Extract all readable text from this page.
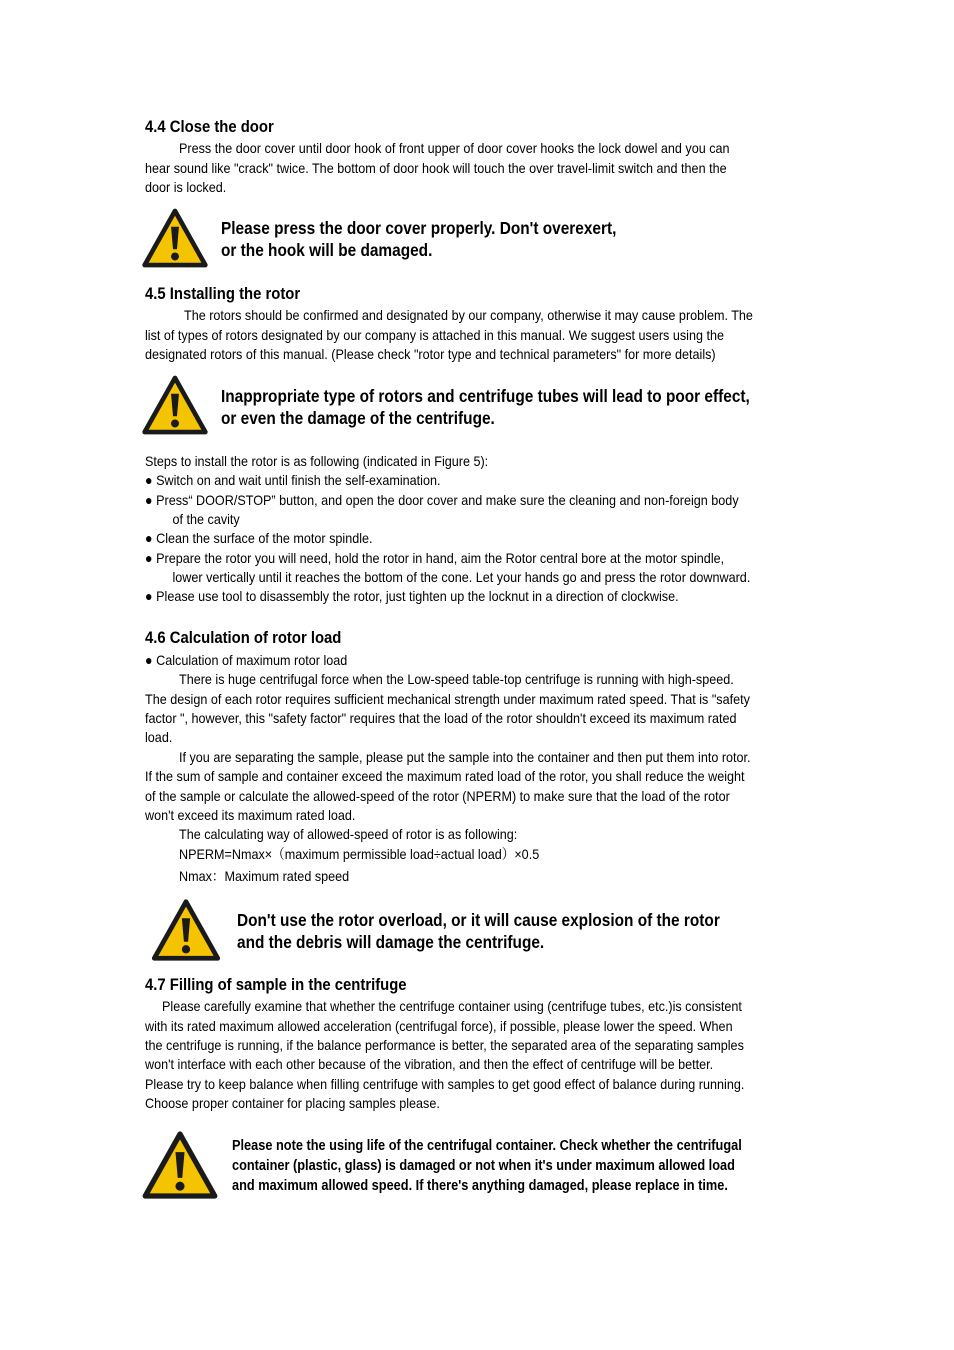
4.4 Close the door
Press the door cover until door hook of front upper of door cover hooks the lock dowel and you can
hear sound like "crack" twice. The bottom of door hook will touch the over travel-limit switch and then the
door is locked.
Please press the door cover properly. Don't overexert,
or the hook will be damaged.
4.5 Installing the rotor
The rotors should be confirmed and designated by our company, otherwise it may cause problem. The
list of types of rotors designated by our company is attached in this manual. We suggest users using the
designated rotors of this manual. (Please check "rotor type and technical parameters" for more details)
Inappropriate type of rotors and centrifuge tubes will lead to poor effect,
or even the damage of the centrifuge.
Steps to install the rotor is as following (indicated in Figure 5):
● Switch on and wait until finish the self-examination.
● Press“ DOOR/STOP” button, and open the door cover and make sure the cleaning and non-foreign body
of the cavity
● Clean the surface of the motor spindle.
● Prepare the rotor you will need, hold the rotor in hand, aim the Rotor central bore at the motor spindle,
lower vertically until it reaches the bottom of the cone. Let your hands go and press the rotor downward.
● Please use tool to disassembly the rotor, just tighten up the locknut in a direction of clockwise.
4.6 Calculation of rotor load
● Calculation of maximum rotor load
There is huge centrifugal force when the Low-speed table-top centrifuge is running with high-speed.
The design of each rotor requires sufficient mechanical strength under maximum rated speed. That is "safety
factor ", however, this "safety factor" requires that the load of the rotor shouldn't exceed its maximum rated
load.
If you are separating the sample, please put the sample into the container and then put them into rotor.
If the sum of sample and container exceed the maximum rated load of the rotor, you shall reduce the weight
of the sample or calculate the allowed-speed of the rotor (NPERM) to make sure that the load of the rotor
won't exceed its maximum rated load.
The calculating way of allowed-speed of rotor is as following:
NPERM=Nmax×（maximum permissible load÷actual load）×0.5
Nmax：Maximum rated speed
Don't use the rotor overload, or it will cause explosion of the rotor
and the debris will damage the centrifuge.
4.7 Filling of sample in the centrifuge
Please carefully examine that whether the centrifuge container using (centrifuge tubes, etc.)is consistent
with its rated maximum allowed acceleration (centrifugal force), if possible, please lower the speed. When
the centrifuge is running, if the balance performance is better, the separated area of the separating samples
won't interface with each other because of the vibration, and then the effect of centrifuge will be better.
Please try to keep balance when filling centrifuge with samples to get good effect of balance during running.
Choose proper container for placing samples please.
Please note the using life of the centrifugal container. Check whether the centrifugal
container (plastic, glass) is damaged or not when it's under maximum allowed load
and maximum allowed speed. If there's anything damaged, please replace in time.
